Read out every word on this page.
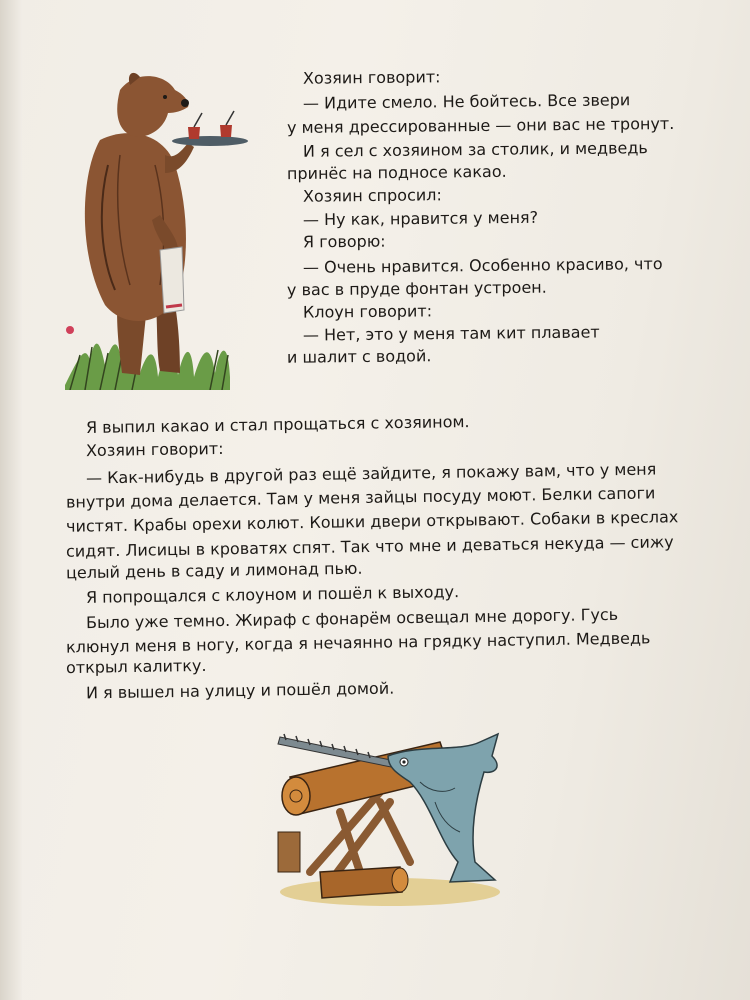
Хозяин говорит:
— Идите смело. Не бойтесь. Все звери
у меня дрессированные — они вас не тронут.
И я сел с хозяином за столик, и медведь
принёс на подносе какао.
Хозяин спросил:
— Ну как, нравится у меня?
Я говорю:
— Очень нравится. Особенно красиво, что
у вас в пруде фонтан устроен.
Клоун говорит:
— Нет, это у меня там кит плавает
и шалит с водой.
Я выпил какао и стал прощаться с хозяином.
Хозяин говорит:
— Как-нибудь в другой раз ещё зайдите, я покажу вам, что у меня
внутри дома делается. Там у меня зайцы посуду моют. Белки сапоги
чистят. Крабы орехи колют. Кошки двери открывают. Собаки в креслах
сидят. Лисицы в кроватях спят. Так что мне и деваться некуда — сижу
целый день в саду и лимонад пью.
Я попрощался с клоуном и пошёл к выходу.
Было уже темно. Жираф с фонарём освещал мне дорогу. Гусь
клюнул меня в ногу, когда я нечаянно на грядку наступил. Медведь
открыл калитку.
И я вышел на улицу и пошёл домой.
